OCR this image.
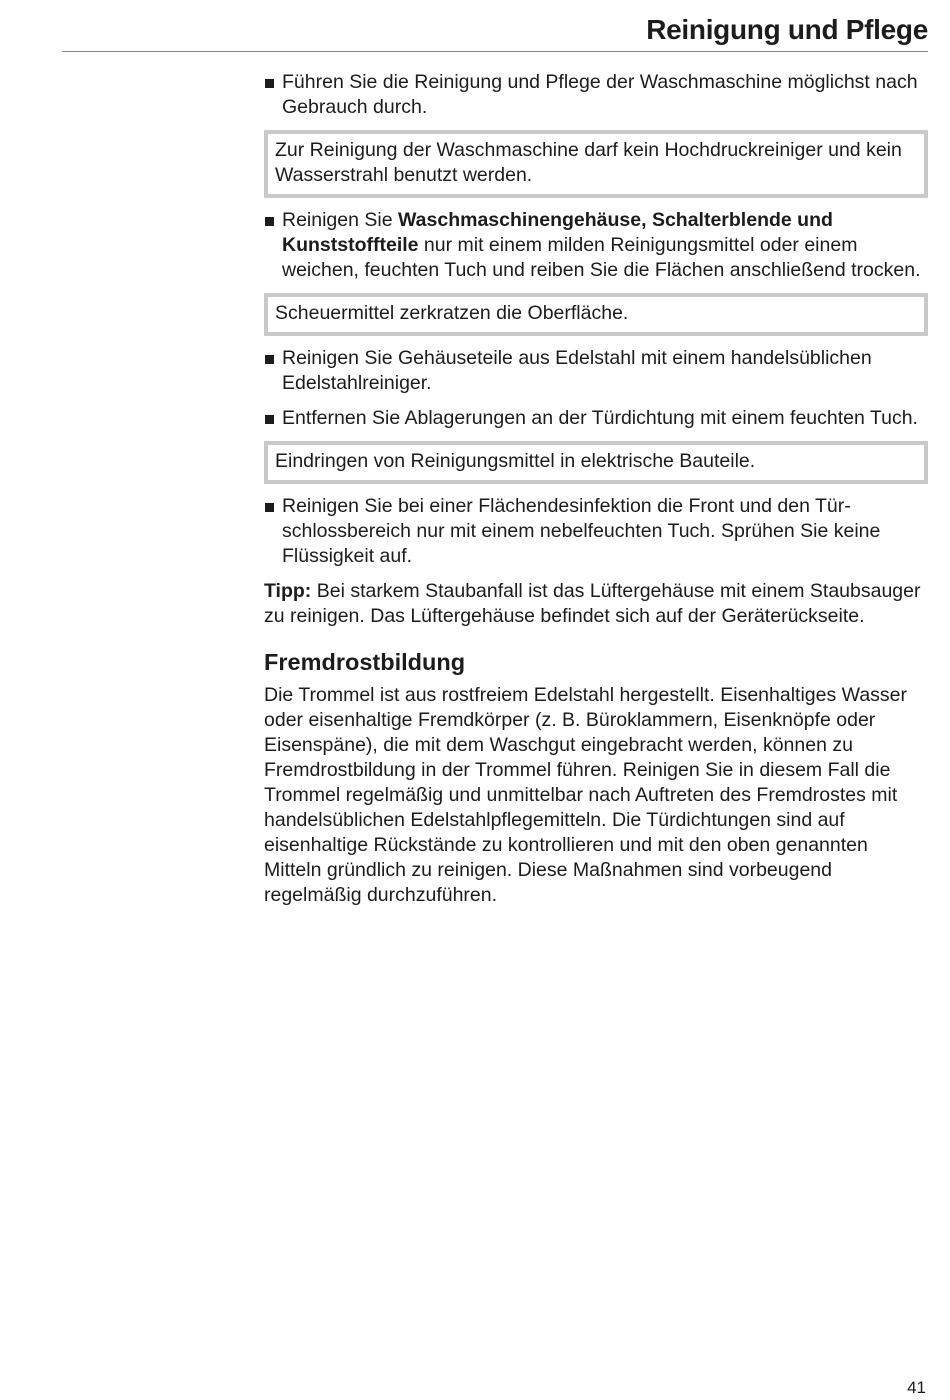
Reinigung und Pflege
Führen Sie die Reinigung und Pflege der Waschmaschine möglichst nach Gebrauch durch.
Zur Reinigung der Waschmaschine darf kein Hochdruckreiniger und kein Wasserstrahl benutzt werden.
Reinigen Sie Waschmaschinengehäuse, Schalterblende und Kunststoffteile nur mit einem milden Reinigungsmittel oder einem weichen, feuchten Tuch und reiben Sie die Flächen anschließend trocken.
Scheuermittel zerkratzen die Oberfläche.
Reinigen Sie Gehäuseteile aus Edelstahl mit einem handelsüblichen Edelstahlreiniger.
Entfernen Sie Ablagerungen an der Türdichtung mit einem feuchten Tuch.
Eindringen von Reinigungsmittel in elektrische Bauteile.
Reinigen Sie bei einer Flächendesinfektion die Front und den Türschlossbereich nur mit einem nebelfeuchten Tuch. Sprühen Sie keine Flüssigkeit auf.

Tipp: Bei starkem Staubanfall ist das Lüftergehäuse mit einem Staubsauger zu reinigen. Das Lüftergehäuse befindet sich auf der Geräterückseite.

Fremdrostbildung

Die Trommel ist aus rostfreiem Edelstahl hergestellt. Eisenhaltiges Wasser oder eisenhaltige Fremdkörper (z. B. Büroklammern, Eisenknöpfe oder Eisenspäne), die mit dem Waschgut eingebracht werden, können zu Fremdrostbildung in der Trommel führen. Reinigen Sie in diesem Fall die Trommel regelmäßig und unmittelbar nach Auftreten des Fremdrostes mit handelsüblichen Edelstahlpflegemitteln. Die Türdichtungen sind auf eisenhaltige Rückstände zu kontrollieren und mit den oben genannten Mitteln gründlich zu reinigen. Diese Maßnahmen sind vorbeugend regelmäßig durchzuführen.

41
